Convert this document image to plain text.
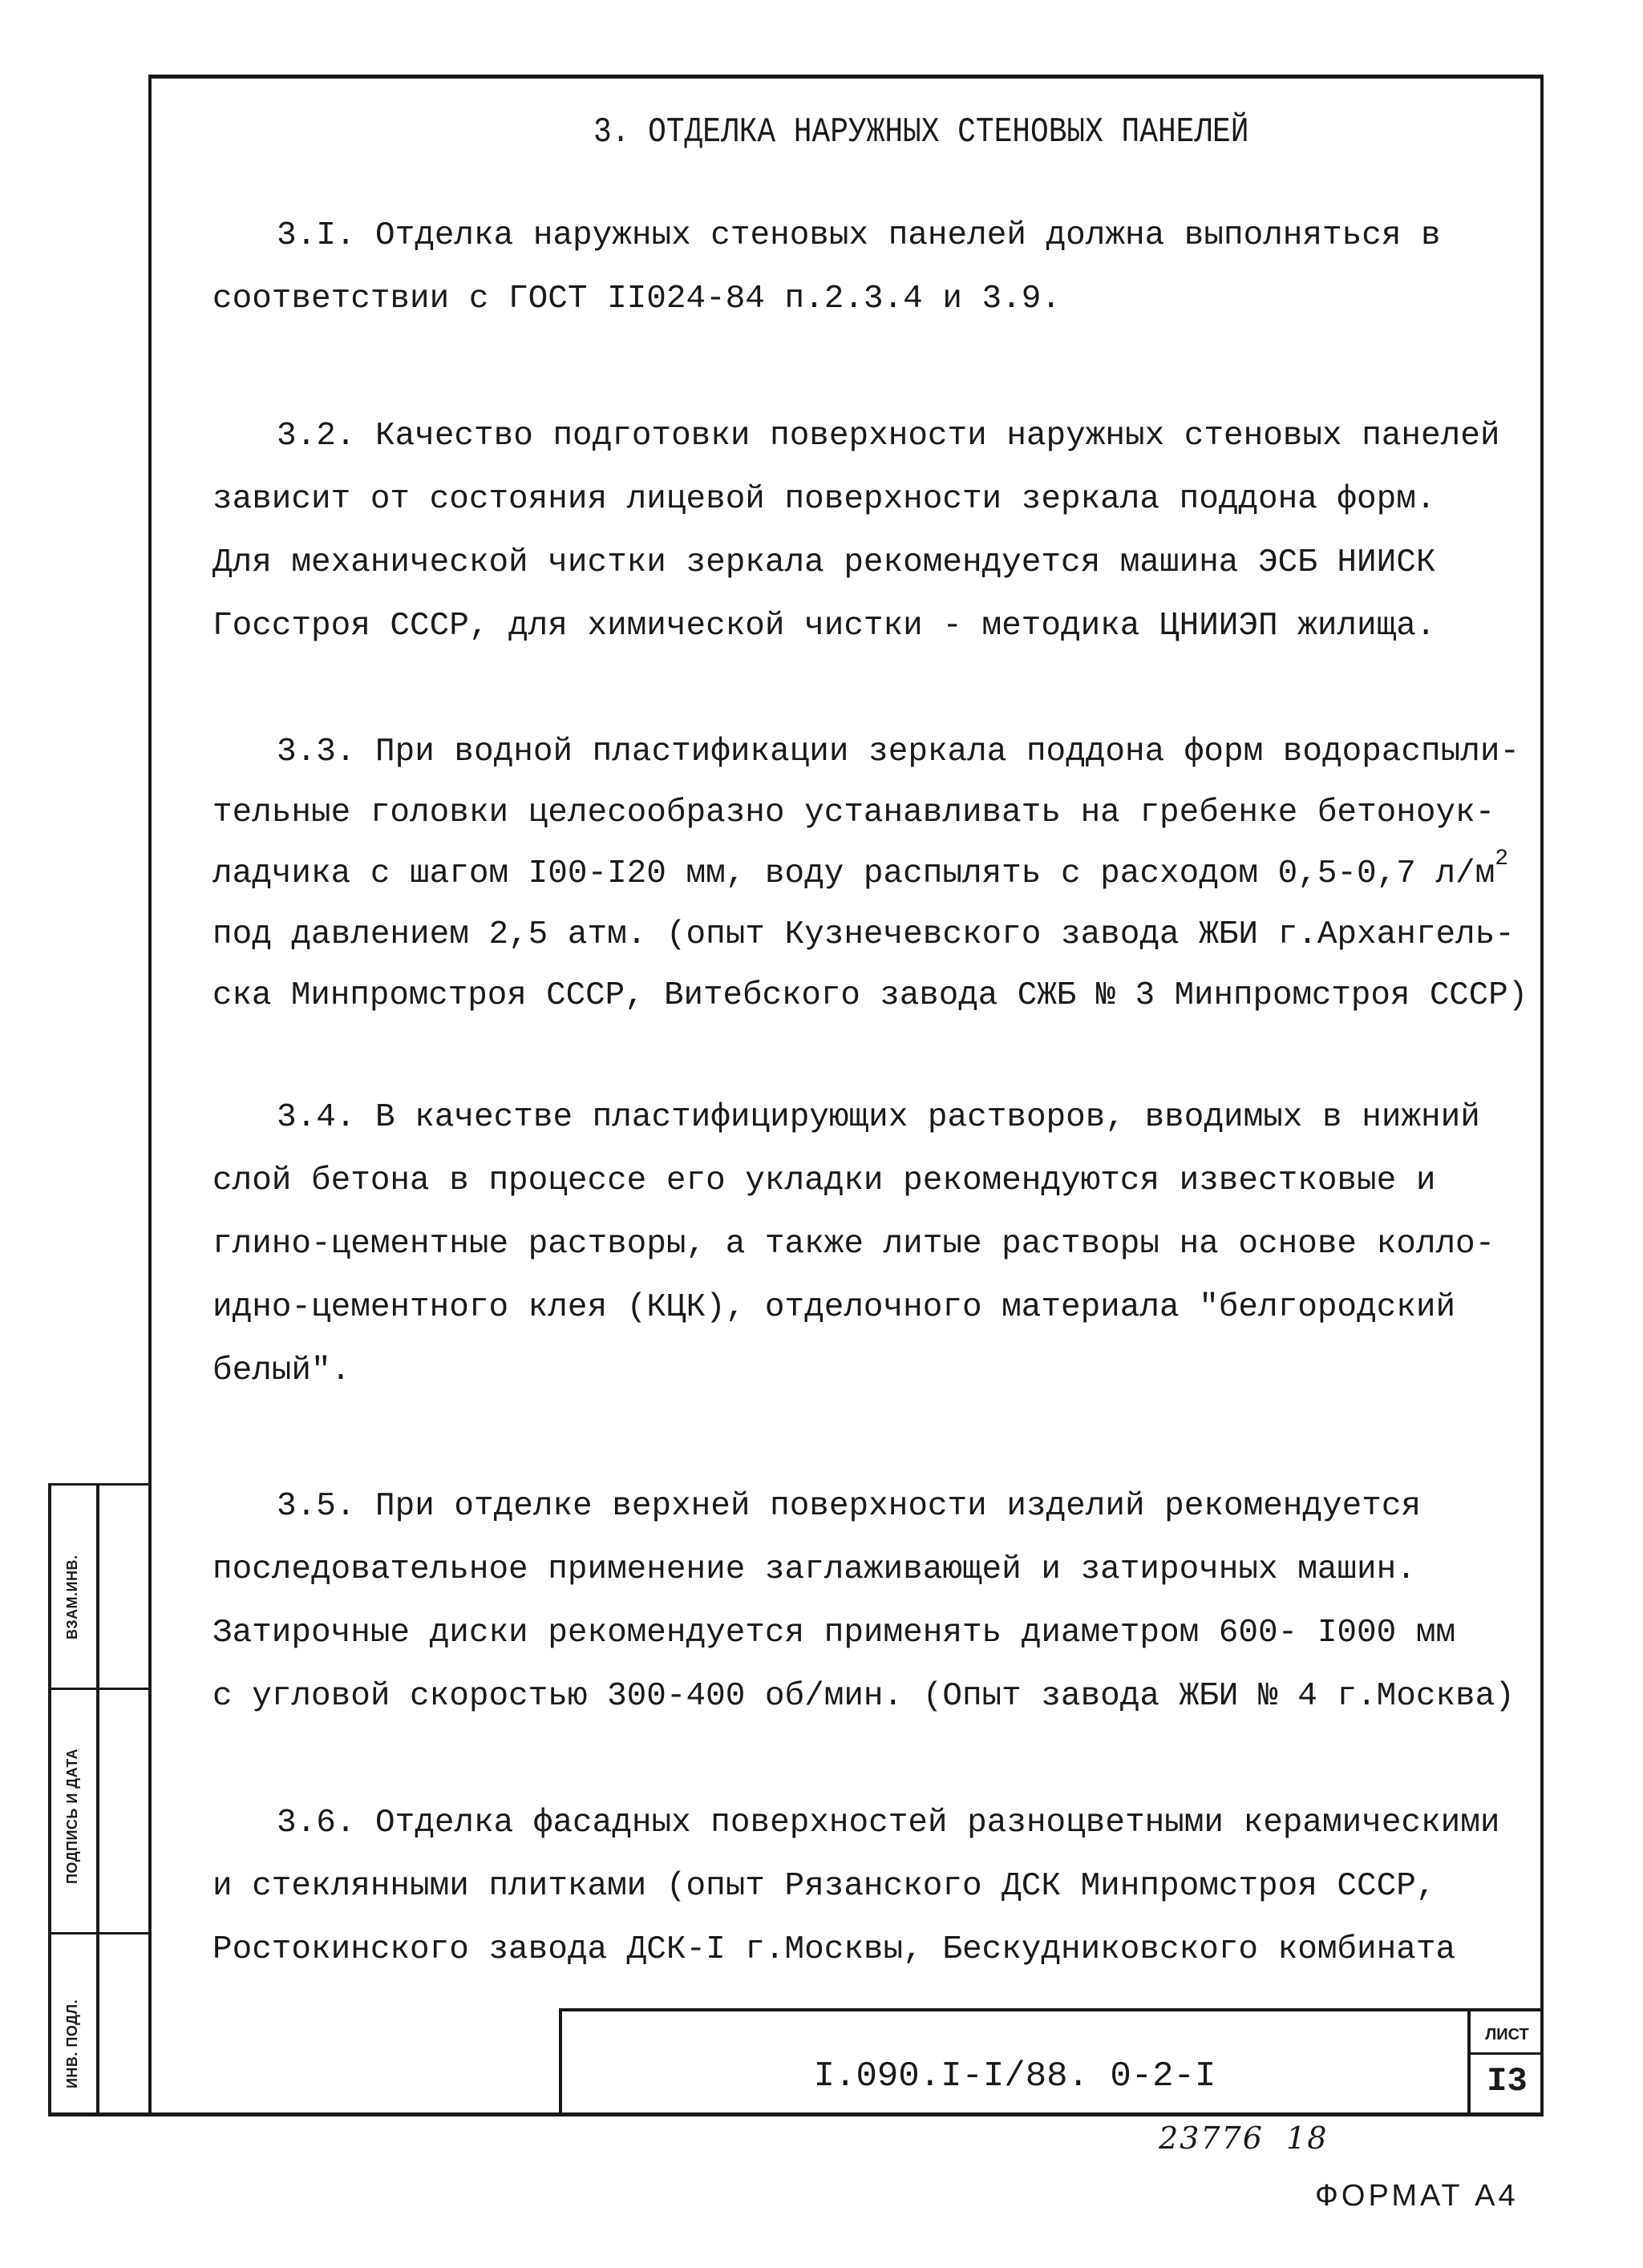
3. ОТДЕЛКА НАРУЖНЫХ СТЕНОВЫХ ПАНЕЛЕЙ
3.I. Отделка наружных стеновых панелей должна выполняться в
соответствии с ГОСТ II024-84 п.2.3.4 и 3.9.
3.2. Качество подготовки поверхности наружных стеновых панелей
зависит от состояния лицевой поверхности зеркала поддона форм.
Для механической чистки зеркала рекомендуется машина ЭСБ НИИСК
Госстроя СССР, для химической чистки - методика ЦНИИЭП жилища.
3.3. При водной пластификации зеркала поддона форм водораспыли-
тельные головки целесообразно устанавливать на гребенке бетоноук-
ладчика с шагом I00-I20 мм, воду распылять с расходом 0,5-0,7 $л/м^2$
под давлением 2,5 атм. (опыт Кузнечевского завода ЖБИ г.Архангель-
ска Минпромстроя СССР, Витебского завода СЖБ № 3 Минпромстроя СССР)
3.4. В качестве пластифицирующих растворов, вводимых в нижний
слой бетона в процессе его укладки рекомендуются известковые и
глино-цементные растворы, а также литые растворы на основе колло-
идно-цементного клея (КЦК), отделочного материала "белгородский
белый".
3.5. При отделке верхней поверхности изделий рекомендуется
последовательное применение заглаживающей и затирочных машин.
Затирочные диски рекомендуется применять диаметром 600- I000 мм
с угловой скоростью 300-400 об/мин. (Опыт завода ЖБИ № 4 г.Москва)
3.6. Отделка фасадных поверхностей разноцветными керамическими
и стеклянными плитками (опыт Рязанского ДСК Минпромстроя СССР,
Ростокинского завода ДСК-I г.Москвы, Бескудниковского комбината
I.090.I-I/88. 0-2-I
ЛИСТ
I3
ВЗАМ.ИНВ.
ПОДПИСЬ И ДАТА
ИНВ. ПОДЛ.
23776  18
ФОРМАТ А4
